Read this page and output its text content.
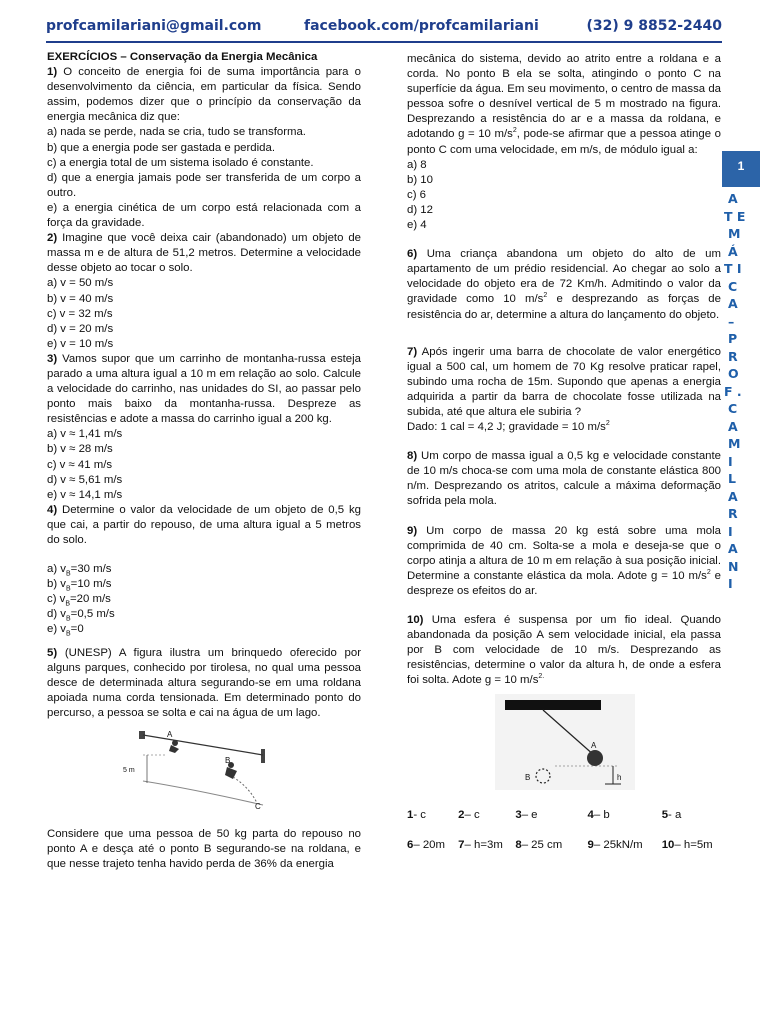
profcamilariani@gmail.com	facebook.com/profcamilariani	(32) 9 8852-2440

EXERCÍCIOS – Conservação da Energia Mecânica

1) O conceito de energia foi de suma importância para o desenvolvimento da ciência, em particular da física. Sendo assim, podemos dizer que o princípio da conservação da energia mecânica diz que:

a) nada se perde, nada se cria, tudo se transforma.

b) que a energia pode ser gastada e perdida.

c) a energia total de um sistema isolado é constante.

d) que a energia jamais pode ser transferida de um corpo a outro.

e) a energia cinética de um corpo está relacionada com a força da gravidade.

2) Imagine que você deixa cair (abandonado) um objeto de massa m e de altura de 51,2 metros. Determine a velocidade desse objeto ao tocar o solo.

a) v = 50 m/s

b) v = 40 m/s

c) v = 32 m/s

d) v = 20 m/s

e) v = 10 m/s

3) Vamos supor que um carrinho de montanha-russa esteja parado a uma altura igual a 10 m em relação ao solo. Calcule a velocidade do carrinho, nas unidades do SI, ao passar pelo ponto mais baixo da montanha-russa. Despreze as resistências e adote a massa do carrinho igual a 200 kg.

a) v ≈ 1,41 m/s

b) v ≈ 28 m/s

c) v ≈ 41 m/s

d) v ≈ 5,61 m/s

e) v ≈ 14,1 m/s

4) Determine o valor da velocidade de um objeto de 0,5 kg que cai, a partir do repouso, de uma altura igual a 5 metros do solo.

a) $v_B=30$ m/s

b) $v_B=10$ m/s

c) $v_B=20$ m/s

d) $v_B=0,5$ m/s

e) $v_B=0$

5) (UNESP) A figura ilustra um brinquedo oferecido por alguns parques, conhecido por tirolesa, no qual uma pessoa desce de determinada altura segurando-se em uma roldana apoiada numa corda tensionada. Em determinado ponto do percurso, a pessoa se solta e cai na água de um lago.

A
B
C
5 m

Considere que uma pessoa de 50 kg parta do repouso no ponto A e desça até o ponto B segurando-se na roldana, e que nesse trajeto tenha havido perda de 36% da energia

mecânica do sistema, devido ao atrito entre a roldana e a corda. No ponto B ela se solta, atingindo o ponto C na superfície da água. Em seu movimento, o centro de massa da pessoa sofre o desnível vertical de 5 m mostrado na figura. Desprezando a resistência do ar e a massa da roldana, e adotando g = 10 $m/s^2$, pode-se afirmar que a pessoa atinge o ponto C com uma velocidade, em m/s, de módulo igual a:

a) 8

b) 10

c) 6

d) 12

e) 4

6) Uma criança abandona um objeto do alto de um apartamento de um prédio residencial. Ao chegar ao solo a velocidade do objeto era de 72 Km/h. Admitindo o valor da gravidade como 10 $m/s^2$ e desprezando as forças de resistência do ar, determine a altura do lançamento do objeto.

7) Após ingerir uma barra de chocolate de valor energético igual a 500 cal, um homem de 70 Kg resolve praticar rapel, subindo uma rocha de 15m. Supondo que apenas a energia adquirida a partir da barra de chocolate fosse utilizada na subida, até que altura ele subiria ?

Dado: 1 cal = 4,2 J; gravidade = 10 $m/s^2$

8) Um corpo de massa igual a 0,5 kg e velocidade constante de 10 m/s choca-se com uma mola de constante elástica 800 n/m. Desprezando os atritos, calcule a máxima deformação sofrida pela mola.

9) Um corpo de massa 20 kg está sobre uma mola comprimida de 40 cm. Solta-se a mola e deseja-se que o corpo atinja a altura de 10 m em relação à sua posição inicial. Determine a constante elástica da mola. Adote g = 10 $m/s^2$ e despreze os efeitos do ar.

10) Uma esfera é suspensa por um fio ideal. Quando abandonada da posição A sem velocidade inicial, ela passa por B com velocidade de 10 m/s. Desprezando as resistências, determine o valor da altura h, de onde a esfera foi solta. Adote g = 10 $m/s^{2.}$

A
B	h

1- c	2– c	3– e	4– b	5- a

6– 20m 7– h=3m 8– 25 cm 9– 25kN/m 10– h=5m

1
A
T E
M
Á
T I
C
A
–
P
R
O
F .
C
A
M
I
L
A
R
I
A
N
I
